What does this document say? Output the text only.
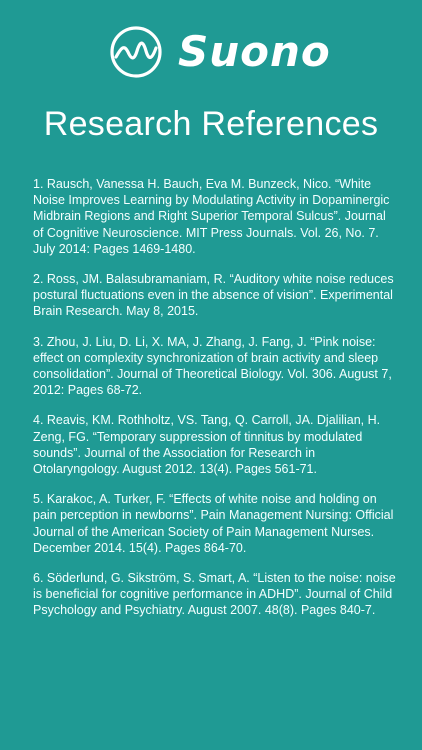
Suono
Research References
1. Rausch, Vanessa H. Bauch, Eva M. Bunzeck, Nico. “White Noise Improves Learning by Modulating Activity in Dopaminergic Midbrain Regions and Right Superior Temporal Sulcus”. Journal of Cognitive Neuroscience. MIT Press Journals. Vol. 26, No. 7. July 2014: Pages 1469-1480.
2. Ross, JM. Balasubramaniam, R. “Auditory white noise reduces postural fluctuations even in the absence of vision”. Experimental Brain Research. May 8, 2015.
3. Zhou, J. Liu, D. Li, X. MA, J. Zhang, J. Fang, J. “Pink noise: effect on complexity synchronization of brain activity and sleep consolidation”. Journal of Theoretical Biology. Vol. 306. August 7, 2012: Pages 68-72.
4. Reavis, KM. Rothholtz, VS. Tang, Q. Carroll, JA. Djalilian, H. Zeng, FG. “Temporary suppression of tinnitus by modulated sounds”. Journal of the Association for Research in Otolaryngology. August 2012. 13(4). Pages 561-71.
5. Karakoc, A. Turker, F. “Effects of white noise and holding on pain perception in newborns”. Pain Management Nursing: Official Journal of the American Society of Pain Management Nurses. December 2014. 15(4). Pages 864-70.
6. Söderlund, G. Sikström, S. Smart, A. “Listen to the noise: noise is beneficial for cognitive performance in ADHD”. Journal of Child Psychology and Psychiatry. August 2007. 48(8). Pages 840-7.
